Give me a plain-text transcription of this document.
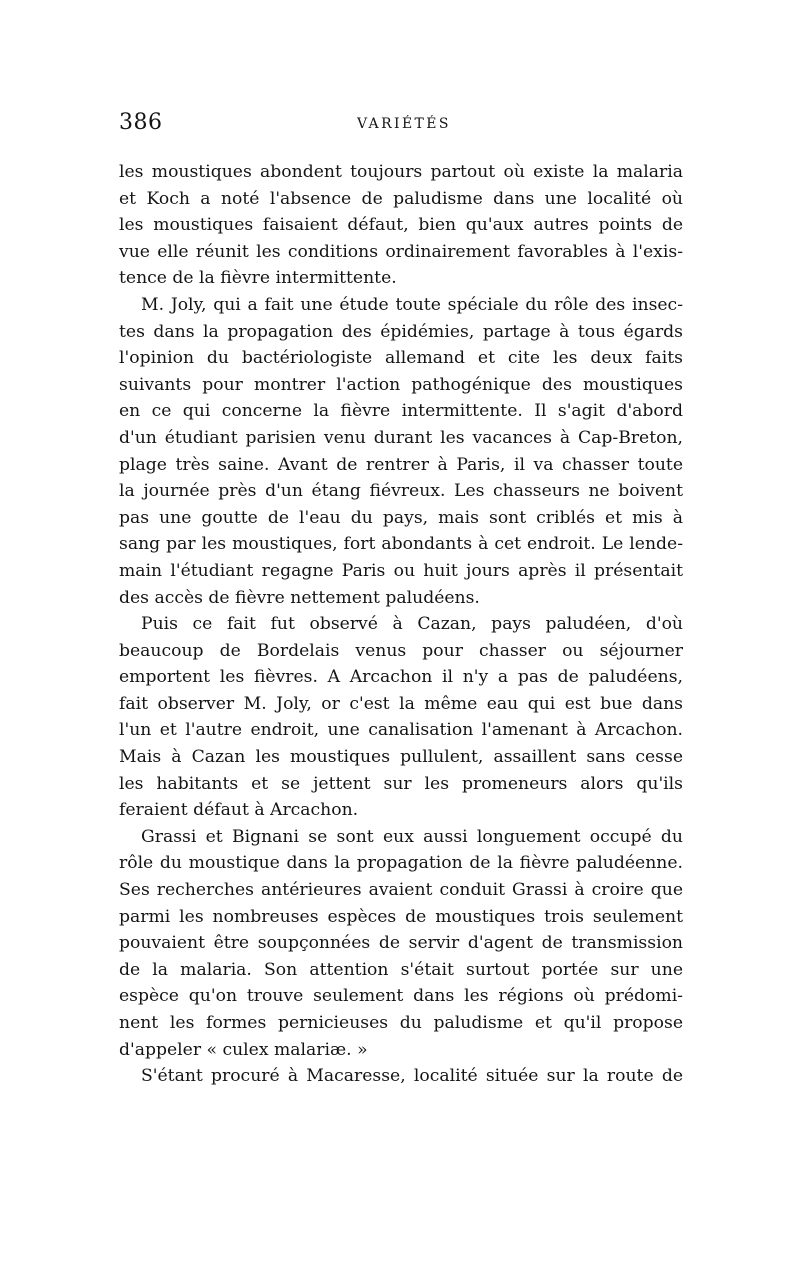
386	VARIÉTÉS

les moustiques abondent toujours partout où existe la malaria
et Koch a noté l'absence de paludisme dans une localité où
les moustiques faisaient défaut, bien qu'aux autres points de
vue elle réunit les conditions ordinairement favorables à l'exis-
tence de la fièvre intermittente.

M. Joly, qui a fait une étude toute spéciale du rôle des insec-
tes dans la propagation des épidémies, partage à tous égards
l'opinion du bactériologiste allemand et cite les deux faits
suivants pour montrer l'action pathogénique des moustiques
en ce qui concerne la fièvre intermittente. Il s'agit d'abord
d'un étudiant parisien venu durant les vacances à Cap-Breton,
plage très saine. Avant de rentrer à Paris, il va chasser toute
la journée près d'un étang fiévreux. Les chasseurs ne boivent
pas une goutte de l'eau du pays, mais sont criblés et mis à
sang par les moustiques, fort abondants à cet endroit. Le lende-
main l'étudiant regagne Paris ou huit jours après il présentait
des accès de fièvre nettement paludéens.

Puis ce fait fut observé à Cazan, pays paludéen, d'où
beaucoup de Bordelais venus pour chasser ou séjourner
emportent les fièvres. A Arcachon il n'y a pas de paludéens,
fait observer M. Joly, or c'est la même eau qui est bue dans
l'un et l'autre endroit, une canalisation l'amenant à Arcachon.
Mais à Cazan les moustiques pullulent, assaillent sans cesse
les habitants et se jettent sur les promeneurs alors qu'ils
feraient défaut à Arcachon.

Grassi et Bignani se sont eux aussi longuement occupé du
rôle du moustique dans la propagation de la fièvre paludéenne.
Ses recherches antérieures avaient conduit Grassi à croire que
parmi les nombreuses espèces de moustiques trois seulement
pouvaient être soupçonnées de servir d'agent de transmission
de la malaria. Son attention s'était surtout portée sur une
espèce qu'on trouve seulement dans les régions où prédomi-
nent les formes pernicieuses du paludisme et qu'il propose
d'appeler « culex malariæ. »

S'étant procuré à Macaresse, localité située sur la route de
